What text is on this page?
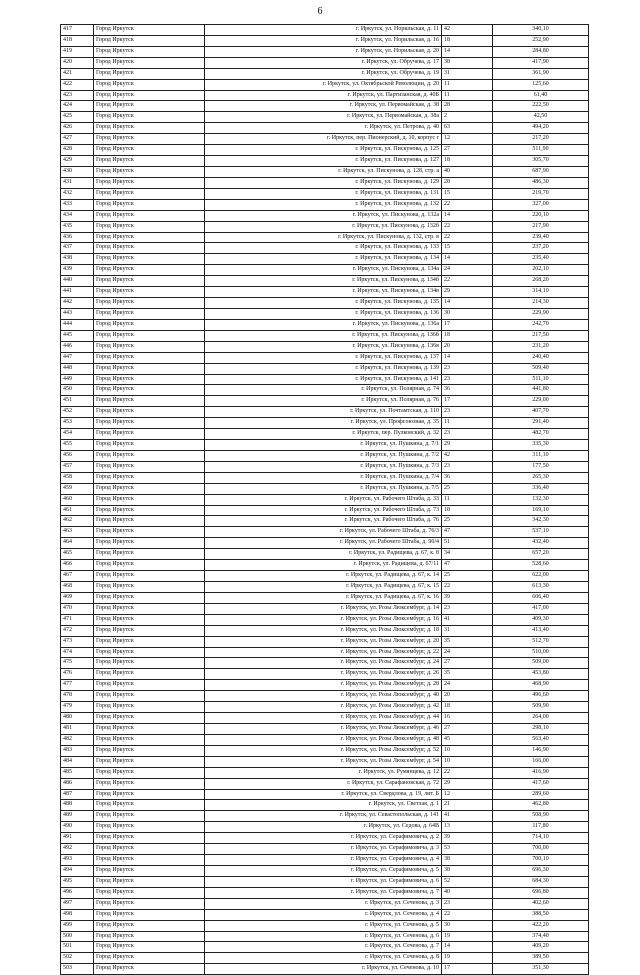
6
417	Город Иркутск	г. Иркутск, ул. Норильская, д. 11	42	340,10
418	Город Иркутск	г. Иркутск, ул. Норильская, д. 16	18	252,90
419	Город Иркутск	г. Иркутск, ул. Норильская, д. 20	14	284,80
420	Город Иркутск	г. Иркутск, ул. Обручева, д. 17	38	417,90
421	Город Иркутск	г. Иркутск, ул. Обручева, д. 19	31	361,90
422	Город Иркутск	г. Иркутск, ул. Октябрьской Революции, д. 20	11	125,60
423	Город Иркутск	г. Иркутск, ул. Партизанская, д. 40Б	11	61,40
424	Город Иркутск	г. Иркутск, ул. Первомайская, д. 38	28	222,50
425	Город Иркутск	г. Иркутск, ул. Первомайская, д. 38а	2	42,50
426	Город Иркутск	г. Иркутск, ул. Петрова, д. 40	63	494,20
427	Город Иркутск	г. Иркутск, пер. Пионерский, д. 10, корпус г	12	217,20
428	Город Иркутск	г. Иркутск, ул. Пискунова, д. 125	27	511,90
429	Город Иркутск	г. Иркутск, ул. Пискунова, д. 127	18	305,70
430	Город Иркутск	г. Иркутск, ул. Пискунова, д. 128, стр. а	40	687,90
431	Город Иркутск	г. Иркутск, ул. Пискунова, д. 129	28	486,30
432	Город Иркутск	г. Иркутск, ул. Пискунова, д. 131	15	219,70
433	Город Иркутск	г. Иркутск, ул. Пискунова, д. 132	22	327,00
434	Город Иркутск	г. Иркутск, ул. Пискунова, д. 132а	14	220,10
435	Город Иркутск	г. Иркутск, ул. Пискунова, д. 132б	22	217,90
436	Город Иркутск	г. Иркутск, ул. Пискунова, д. 132, стр. в	22	239,40
437	Город Иркутск	г. Иркутск, ул. Пискунова, д. 133	15	237,20
438	Город Иркутск	г. Иркутск, ул. Пискунова, д. 134	14	235,40
439	Город Иркутск	г. Иркутск, ул. Пискунова, д. 134а	24	202,10
440	Город Иркутск	г. Иркутск, ул. Пискунова, д. 134б	22	268,20
441	Город Иркутск	г. Иркутск, ул. Пискунова, д. 134в	29	314,10
442	Город Иркутск	г. Иркутск, ул. Пискунова, д. 135	14	214,30
443	Город Иркутск	г. Иркутск, ул. Пискунова, д. 136	30	229,90
444	Город Иркутск	г. Иркутск, ул. Пискунова, д. 136а	17	242,70
445	Город Иркутск	г. Иркутск, ул. Пискунова, д. 136б	18	217,50
446	Город Иркутск	г. Иркутск, ул. Пискунова, д. 136в	20	231,20
447	Город Иркутск	г. Иркутск, ул. Пискунова, д. 137	14	240,40
448	Город Иркутск	г. Иркутск, ул. Пискунова, д. 139	23	509,40
449	Город Иркутск	г. Иркутск, ул. Пискунова, д. 141	23	511,10
450	Город Иркутск	г. Иркутск, ул. Полярная, д. 74	36	441,80
451	Город Иркутск	г. Иркутск, ул. Полярная, д. 76	17	229,00
452	Город Иркутск	г. Иркутск, ул. Почтамтская, д. 110	23	407,70
453	Город Иркутск	г. Иркутск, ул. Профсоюзная, д. 35	11	291,40
454	Город Иркутск	г. Иркутск, пер. Пулковский, д. 32	23	482,70
455	Город Иркутск	г. Иркутск, ул. Пушкина, д. 7/1	29	335,30
456	Город Иркутск	г. Иркутск, ул. Пушкина, д. 7/2	42	311,10
457	Город Иркутск	г. Иркутск, ул. Пушкина, д. 7/3	23	177,50
458	Город Иркутск	г. Иркутск, ул. Пушкина, д. 7/4	36	265,30
459	Город Иркутск	г. Иркутск, ул. Пушкина, д. 7/5	25	336,40
460	Город Иркутск	г. Иркутск, ул. Рабочего Штаба, д. 33	11	132,30
461	Город Иркутск	г. Иркутск, ул. Рабочего Штаба, д. 73	18	169,10
462	Город Иркутск	г. Иркутск, ул. Рабочего Штаба, д. 76	25	342,30
463	Город Иркутск	г. Иркутск, ул. Рабочего Штаба, д. 76/3	47	537,10
464	Город Иркутск	г. Иркутск, ул. Рабочего Штаба, д. 90/4	51	432,40
465	Город Иркутск	г. Иркутск, ул. Радищева, д. 67, к. 8	34	657,20
466	Город Иркутск	г. Иркутск, ул. Радищева, д. 67/11	47	528,60
467	Город Иркутск	г. Иркутск, ул. Радищева, д. 67, к. 14	25	622,00
468	Город Иркутск	г. Иркутск, ул. Радищева, д. 67, к. 15	22	613,30
469	Город Иркутск	г. Иркутск, ул. Радищева, д. 67, к. 16	39	606,40
470	Город Иркутск	г. Иркутск, ул. Розы Люксембург, д. 14	23	417,00
471	Город Иркутск	г. Иркутск, ул. Розы Люксембург, д. 16	41	409,30
472	Город Иркутск	г. Иркутск, ул. Розы Люксембург, д. 18	31	413,40
473	Город Иркутск	г. Иркутск, ул. Розы Люксембург, д. 20	35	512,70
474	Город Иркутск	г. Иркутск, ул. Розы Люксембург, д. 22	24	510,00
475	Город Иркутск	г. Иркутск, ул. Розы Люксембург, д. 24	27	509,00
476	Город Иркутск	г. Иркутск, ул. Розы Люксембург, д. 26	35	453,80
477	Город Иркутск	г. Иркутск, ул. Розы Люксембург, д. 28	24	468,90
478	Город Иркутск	г. Иркутск, ул. Розы Люксембург, д. 40	20	496,60
479	Город Иркутск	г. Иркутск, ул. Розы Люксембург, д. 42	18	509,90
480	Город Иркутск	г. Иркутск, ул. Розы Люксембург, д. 44	16	264,00
481	Город Иркутск	г. Иркутск, ул. Розы Люксембург, д. 46	27	298,10
482	Город Иркутск	г. Иркутск, ул. Розы Люксембург, д. 48	45	563,40
483	Город Иркутск	г. Иркутск, ул. Розы Люксембург, д. 52	10	146,90
484	Город Иркутск	г. Иркутск, ул. Розы Люксембург, д. 54	10	166,00
485	Город Иркутск	г. Иркутск, ул. Румянцева, д. 12	22	416,90
486	Город Иркутск	г. Иркутск, ул. Сарафановская, д. 72	29	417,60
487	Город Иркутск	г. Иркутск, ул. Свердлова, д. 19, лит. Б	12	289,60
488	Город Иркутск	г. Иркутск, ул. Светлая, д. 1	21	462,80
489	Город Иркутск	г. Иркутск, ул. Севастопольская, д. 141	41	508,90
490	Город Иркутск	г. Иркутск, ул. Седова, д. 64В	13	117,80
491	Город Иркутск	г. Иркутск, ул. Серафимовича, д. 2	39	714,10
492	Город Иркутск	г. Иркутск, ул. Серафимовича, д. 3	53	700,00
493	Город Иркутск	г. Иркутск, ул. Серафимовича, д. 4	38	700,10
494	Город Иркутск	г. Иркутск, ул. Серафимовича, д. 5	38	696,30
495	Город Иркутск	г. Иркутск, ул. Серафимовича, д. 6	52	684,30
496	Город Иркутск	г. Иркутск, ул. Серафимовича, д. 7	40	696,80
497	Город Иркутск	г. Иркутск, ул. Сеченова, д. 3	23	402,60
498	Город Иркутск	г. Иркутск, ул. Сеченова, д. 4	22	388,50
499	Город Иркутск	г. Иркутск, ул. Сеченова, д. 5	30	422,20
500	Город Иркутск	г. Иркутск, ул. Сеченова, д. 6	19	374,40
501	Город Иркутск	г. Иркутск, ул. Сеченова, д. 7	14	409,20
502	Город Иркутск	г. Иркутск, ул. Сеченова, д. 8	19	389,50
503	Город Иркутск	г. Иркутск, ул. Сеченова, д. 10	17	351,30
